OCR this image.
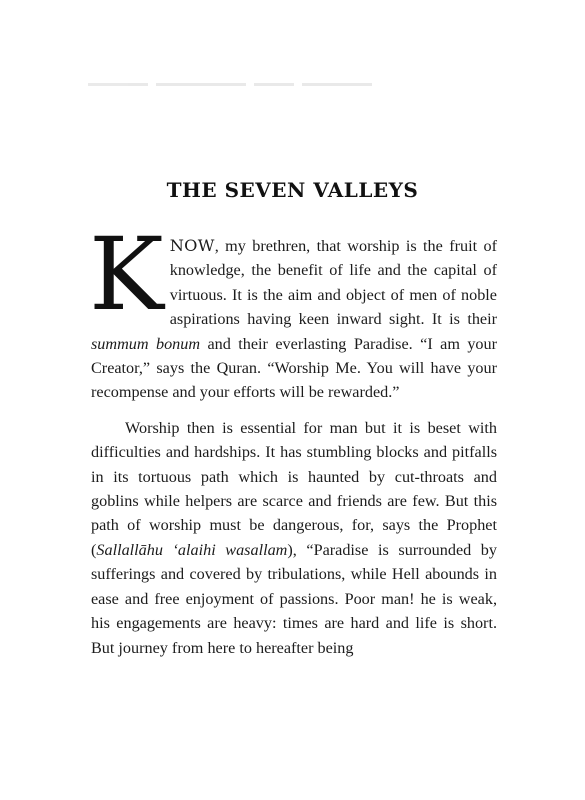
THE SEVEN VALLEYS

KNOW, my brethren, that worship is the fruit of knowledge, the benefit of life and the capital of virtuous. It is the aim and object of men of noble aspirations having keen inward sight. It is their summum bonum and their everlasting Paradise. “I am your Creator,” says the Quran. “Worship Me. You will have your recompense and your efforts will be rewarded.”

Worship then is essential for man but it is beset with difficulties and hardships. It has stumbling blocks and pitfalls in its tortuous path which is haunted by cut-throats and goblins while helpers are scarce and friends are few. But this path of worship must be dangerous, for, says the Prophet (Sallallāhu ‘alaihi wasallam), “Paradise is surrounded by sufferings and covered by tribulations, while Hell abounds in ease and free enjoyment of passions. Poor man! he is weak, his engagements are heavy: times are hard and life is short. But journey from here to hereafter being
